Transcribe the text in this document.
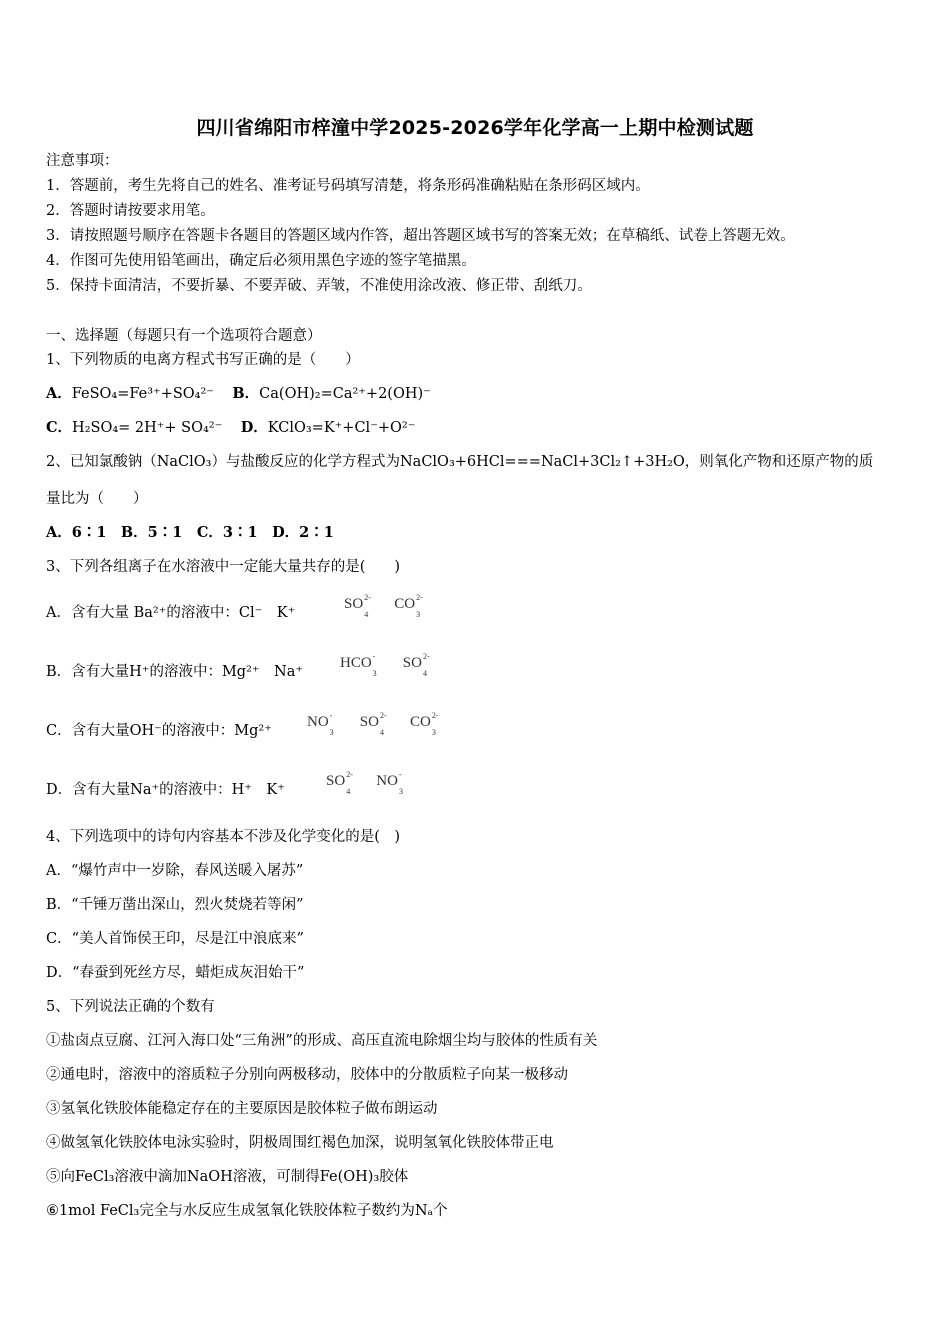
四川省绵阳市梓潼中学2025-2026学年化学高一上期中检测试题
注意事项：
1．答题前，考生先将自己的姓名、准考证号码填写清楚，将条形码准确粘贴在条形码区域内。
2．答题时请按要求用笔。
3．请按照题号顺序在答题卡各题目的答题区域内作答，超出答题区域书写的答案无效；在草稿纸、试卷上答题无效。
4．作图可先使用铅笔画出，确定后必须用黑色字迹的签字笔描黑。
5．保持卡面清洁，不要折暴、不要弄破、弄皱，不准使用涂改液、修正带、刮纸刀。
一、选择题（每题只有一个选项符合题意）
1、下列物质的电离方程式书写正确的是（　　）
A．FeSO₄=Fe³⁺+SO₄²⁻ B．Ca(OH)₂=Ca²⁺+2(OH)⁻
C．H₂SO₄= 2H⁺+ SO₄²⁻ D．KClO₃=K⁺+Cl⁻+O²⁻
2、已知氯酸钠（NaClO₃）与盐酸反应的化学方程式为NaClO₃+6HCl===NaCl+3Cl₂↑+3H₂O，则氧化产物和还原产物的质
量比为（　　）
A．6∶1　B．5∶1　C．3∶1　D．2∶1
3、下列各组离子在水溶液中一定能大量共存的是(　　)
A．含有大量 Ba²⁺的溶液中：Cl⁻　K⁺
SO 2-
4
CO 2-
3
B．含有大量H⁺的溶液中：Mg²⁺　Na⁺
HCO -
3
SO 2-
4
C．含有大量OH⁻的溶液中：Mg²⁺
NO -
3
SO 2-
4
CO 2-
3
D．含有大量Na⁺的溶液中：H⁺　K⁺
SO 2-
4
NO -
3
4、下列选项中的诗句内容基本不涉及化学变化的是(　)
A．“爆竹声中一岁除，春风送暖入屠苏”
B．“千锤万凿出深山，烈火焚烧若等闲”
C．“美人首饰侯王印，尽是江中浪底来”
D．“春蚕到死丝方尽，蜡炬成灰泪始干”
5、下列说法正确的个数有
①盐卤点豆腐、江河入海口处“三角洲”的形成、高压直流电除烟尘均与胶体的性质有关
②通电时，溶液中的溶质粒子分别向两极移动，胶体中的分散质粒子向某一极移动
③氢氧化铁胶体能稳定存在的主要原因是胶体粒子做布朗运动
④做氢氧化铁胶体电泳实验时，阴极周围红褐色加深，说明氢氧化铁胶体带正电
⑤向FeCl₃溶液中滴加NaOH溶液，可制得Fe(OH)₃胶体
⑥1mol FeCl₃完全与水反应生成氢氧化铁胶体粒子数约为Nₐ个
